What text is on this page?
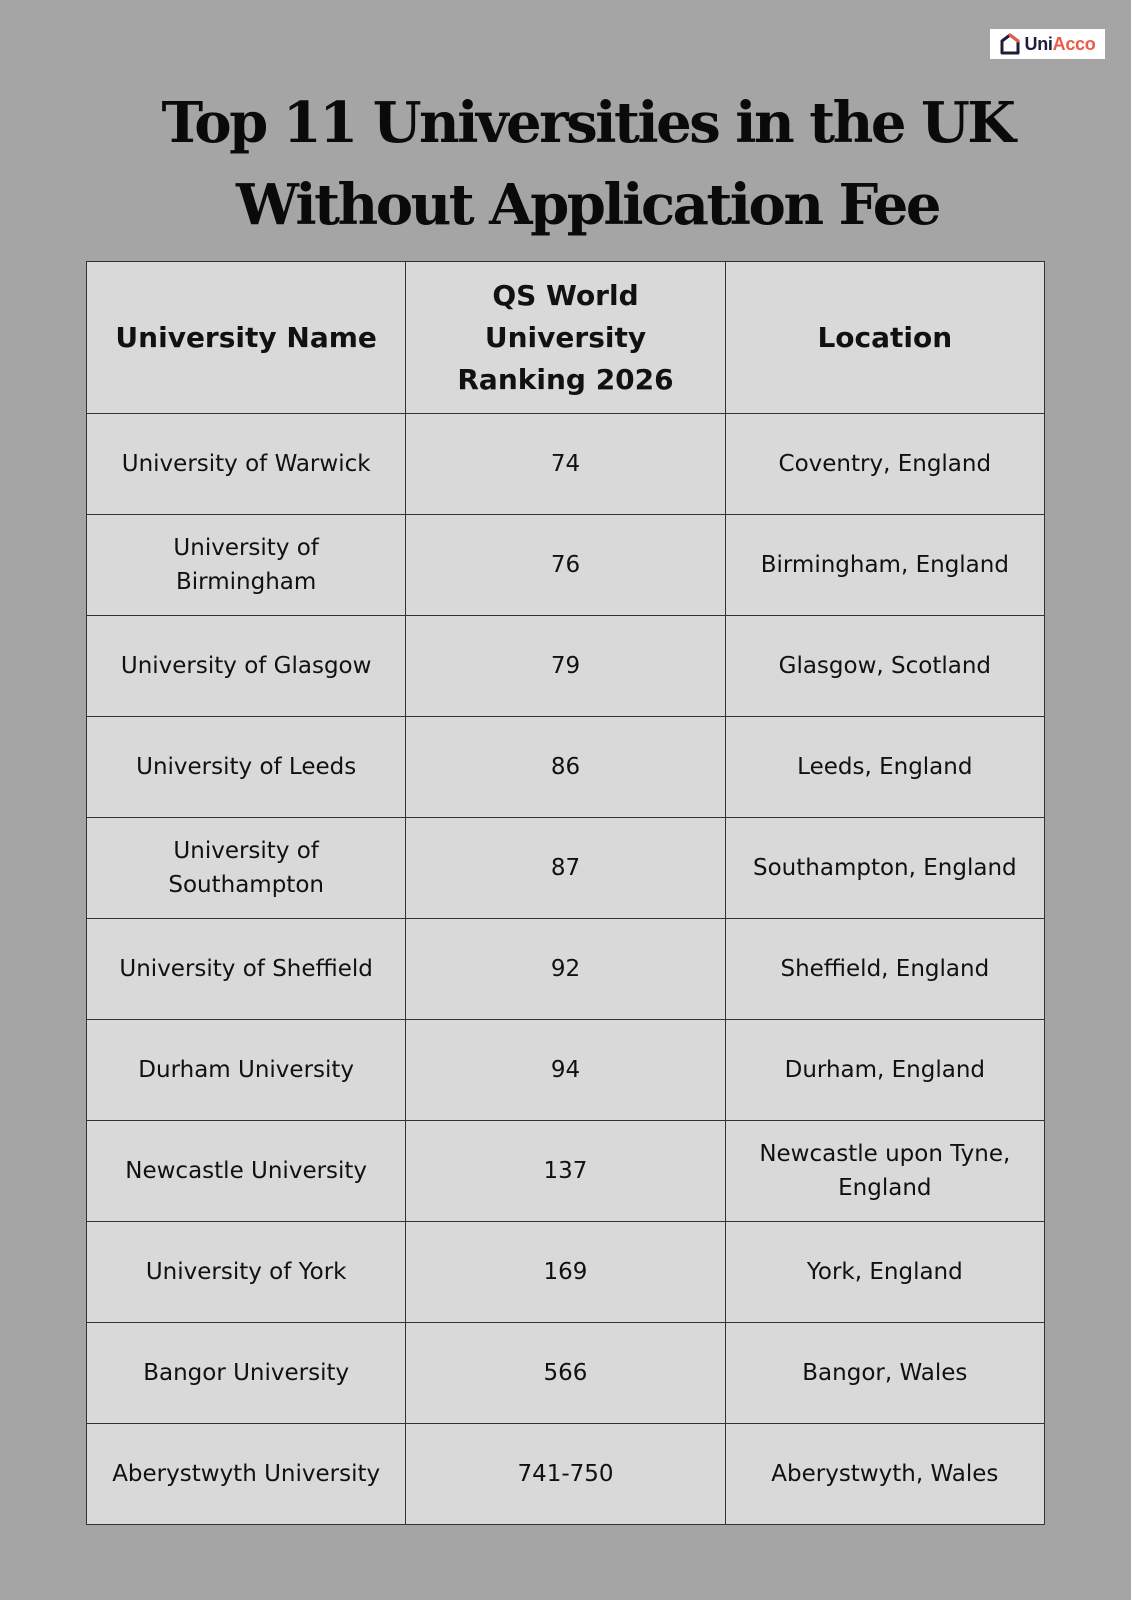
UniAcco
Top 11 Universities in the UK Without Application Fee
University Name	QS World University Ranking 2026	Location
University of Warwick	74	Coventry, England
University of Birmingham	76	Birmingham, England
University of Glasgow	79	Glasgow, Scotland
University of Leeds	86	Leeds, England
University of Southampton	87	Southampton, England
University of Sheffield	92	Sheffield, England
Durham University	94	Durham, England
Newcastle University	137	Newcastle upon Tyne, England
University of York	169	York, England
Bangor University	566	Bangor, Wales
Aberystwyth University	741-750	Aberystwyth, Wales
